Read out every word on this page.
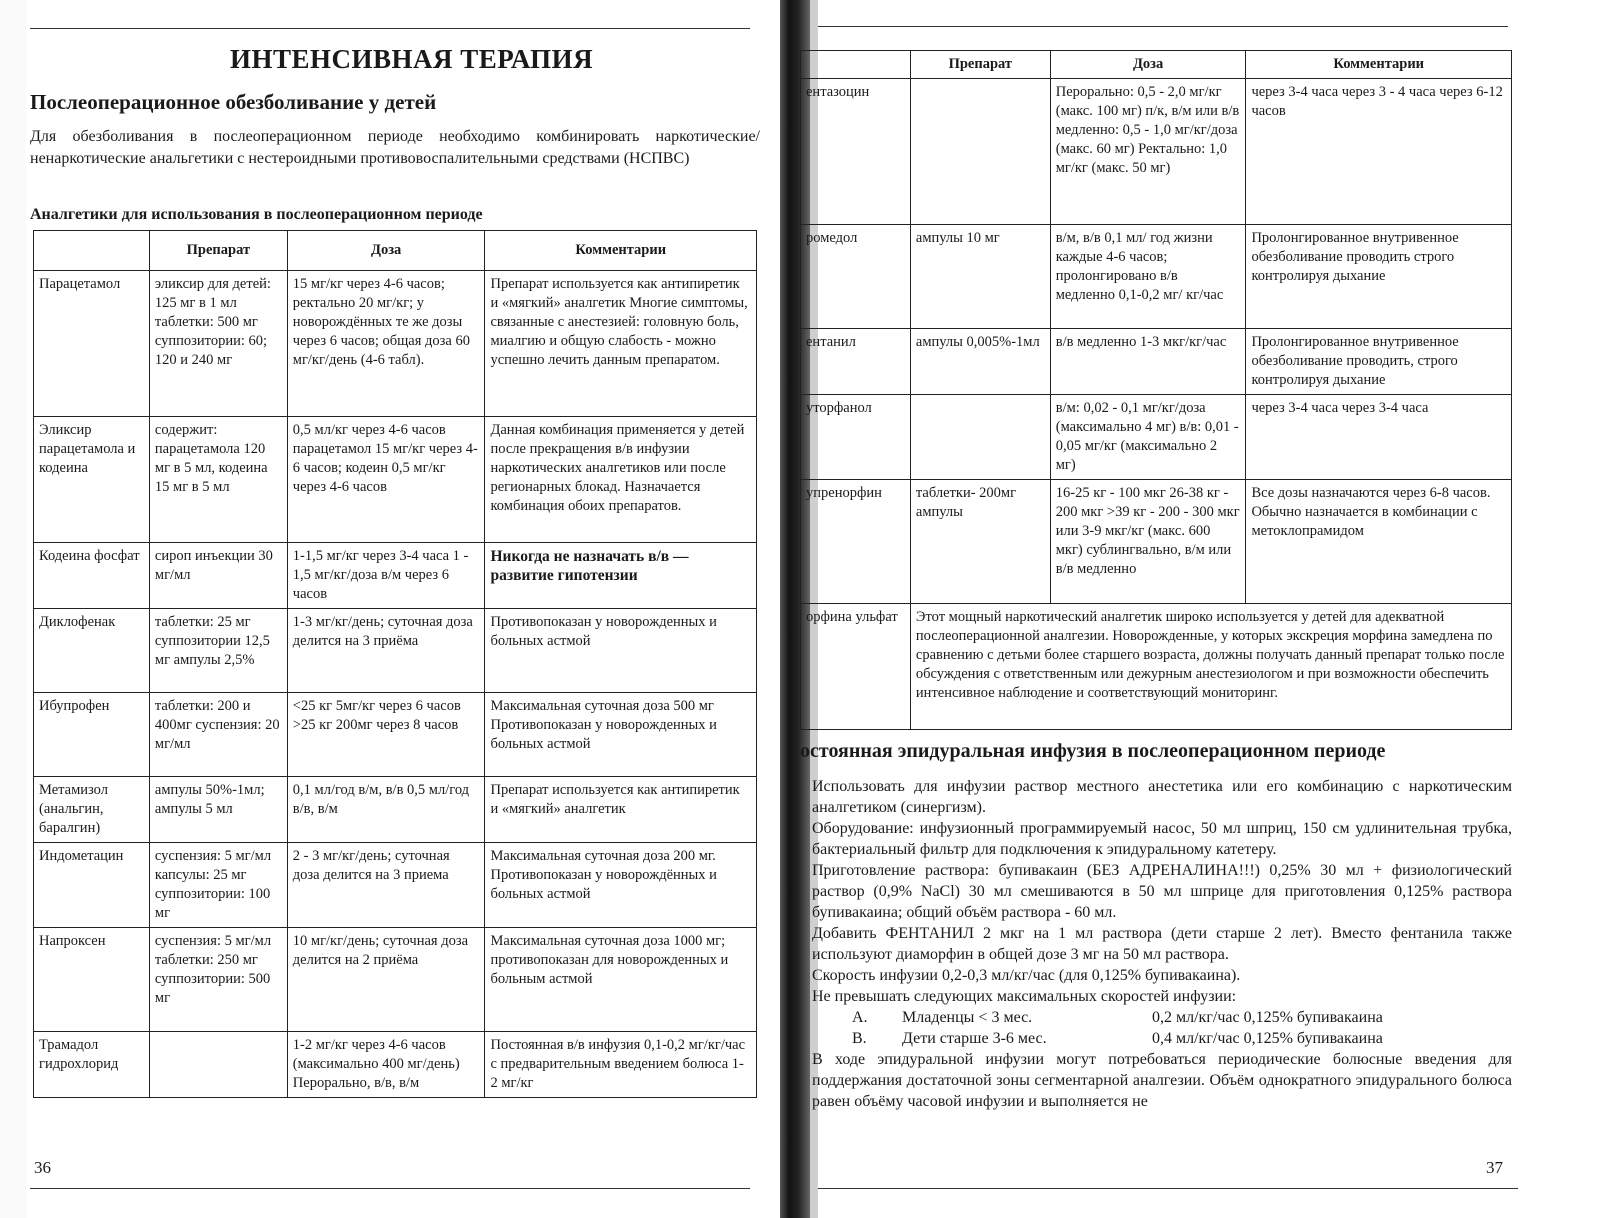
ИНТЕНСИВНАЯ ТЕРАПИЯ
Послеоперационное обезболивание у детей
Для обезболивания в послеоперационном периоде необходимо комбинировать наркотические/ненаркотические анальгетики с нестероидными противовоспалительными средствами (НСПВС)
Аналгетики для использования в послеоперационном периоде
	Препарат	Доза	Комментарии
Парацетамол	эликсир для детей: 125 мг в 1 мл таблетки: 500 мг суппозитории: 60; 120 и 240 мг	15 мг/кг через 4-6 часов; ректально 20 мг/кг; у новорождённых те же дозы через 6 часов; общая доза 60 мг/кг/день (4-6 табл).	Препарат используется как антипиретик и «мягкий» аналгетик Многие симптомы, связанные с анестезией: головную боль, миалгию и общую слабость - можно успешно лечить данным препаратом.
Эликсир парацетамола и кодеина	содержит: парацетамола 120 мг в 5 мл, кодеина 15 мг в 5 мл	0,5 мл/кг через 4-6 часов парацетамол 15 мг/кг через 4-6 часов; кодеин 0,5 мг/кг через 4-6 часов	Данная комбинация применяется у детей после прекращения в/в инфузии наркотических аналгетиков или после регионарных блокад. Назначается комбинация обоих препаратов.
Кодеина фосфат	сироп инъекции 30 мг/мл	1-1,5 мг/кг через 3-4 часа 1 - 1,5 мг/кг/доза в/м через 6 часов	Никогда не назначать в/в — развитие гипотензии
Диклофенак	таблетки: 25 мг суппозитории 12,5 мг ампулы 2,5%	1-3 мг/кг/день; суточная доза делится на 3 приёма	Противопоказан у новорожденных и больных астмой
Ибупрофен	таблетки: 200 и 400мг суспензия: 20 мг/мл	<25 кг 5мг/кг через 6 часов >25 кг 200мг через 8 часов	Максимальная суточная доза 500 мг Противопоказан у новорожденных и больных астмой
Метамизол (анальгин, баралгин)	ампулы 50%-1мл; ампулы 5 мл	0,1 мл/год в/м, в/в 0,5 мл/год в/в, в/м	Препарат используется как антипиретик и «мягкий» аналгетик
Индометацин	суспензия: 5 мг/мл капсулы: 25 мг суппозитории: 100 мг	2 - 3 мг/кг/день; суточная доза делится на 3 приема	Максимальная суточная доза 200 мг. Противопоказан у новорождённых и больных астмой
Напроксен	суспензия: 5 мг/мл таблетки: 250 мг суппозитории: 500 мг	10 мг/кг/день; суточная доза делится на 2 приёма	Максимальная суточная доза 1000 мг; противопоказан для новорожденных и больным астмой
Трамадол гидрохлорид		1-2 мг/кг через 4-6 часов (максимально 400 мг/день) Перорально, в/в, в/м	Постоянная в/в инфузия 0,1-0,2 мг/кг/час с предварительным введением болюса 1-2 мг/кг
36
	Препарат	Доза	Комментарии
ентазоцин		Перорально: 0,5 - 2,0 мг/кг (макс. 100 мг) п/к, в/м или в/в медленно: 0,5 - 1,0 мг/кг/доза (макс. 60 мг) Ректально: 1,0 мг/кг (макс. 50 мг)	через 3-4 часа через 3 - 4 часа через 6-12 часов
ромедол	ампулы 10 мг	в/м, в/в 0,1 мл/ год жизни каждые 4-6 часов; пролонгировано в/в медленно 0,1-0,2 мг/ кг/час	Пролонгированное внутривенное обезболивание проводить строго контролируя дыхание
ентанил	ампулы 0,005%-1мл	в/в медленно 1-3 мкг/кг/час	Пролонгированное внутривенное обезболивание проводить, строго контролируя дыхание
уторфанол		в/м: 0,02 - 0,1 мг/кг/доза (максимально 4 мг) в/в: 0,01 - 0,05 мг/кг (максимально 2 мг)	через 3-4 часа через 3-4 часа
упренорфин	таблетки- 200мг ампулы	16-25 кг - 100 мкг 26-38 кг - 200 мкг >39 кг - 200 - 300 мкг или 3-9 мкг/кг (макс. 600 мкг) сублингвально, в/м или в/в медленно	Все дозы назначаются через 6-8 часов. Обычно назначается в комбинации с метоклопрамидом
орфина ульфат	Этот мощный наркотический аналгетик широко используется у детей для адекватной послеоперационной аналгезии. Новорожденные, у которых экскреция морфина замедлена по сравнению с детьми более старшего возраста, должны получать данный препарат только после обсуждения с ответственным или дежурным анестезиологом и при возможности обеспечить интенсивное наблюдение и соответствующий мониторинг.		
остоянная эпидуральная инфузия в послеоперационном периоде

Использовать для инфузии раствор местного анестетика или его комбинацию с наркотическим аналгетиком (синергизм).

Оборудование: инфузионный программируемый насос, 50 мл шприц, 150 см удлинительная трубка, бактериальный фильтр для подключения к эпидуральному катетеру.

Приготовление раствора: бупивакаин (БЕЗ АДРЕНАЛИНА!!!) 0,25% 30 мл + физиологический раствор (0,9% NaCl) 30 мл смешиваются в 50 мл шприце для приготовления 0,125% раствора бупивакаина; общий объём раствора - 60 мл.

Добавить ФЕНТАНИЛ 2 мкг на 1 мл раствора (дети старше 2 лет). Вместо фентанила также используют диаморфин в общей дозе 3 мг на 50 мл раствора.

Скорость инфузии 0,2-0,3 мл/кг/час (для 0,125% бупивакаина).

Не превышать следующих максимальных скоростей инфузии:

A.	Младенцы < 3 мес.	0,2 мл/кг/час 0,125% бупивакаина
B.	Дети старше 3-6 мес.	0,4 мл/кг/час 0,125% бупивакаина

В ходе эпидуральной инфузии могут потребоваться периодические болюсные введения для поддержания достаточной зоны сегментарной аналгезии. Объём однократного эпидурального болюса равен объёму часовой инфузии и выполняется не

37
